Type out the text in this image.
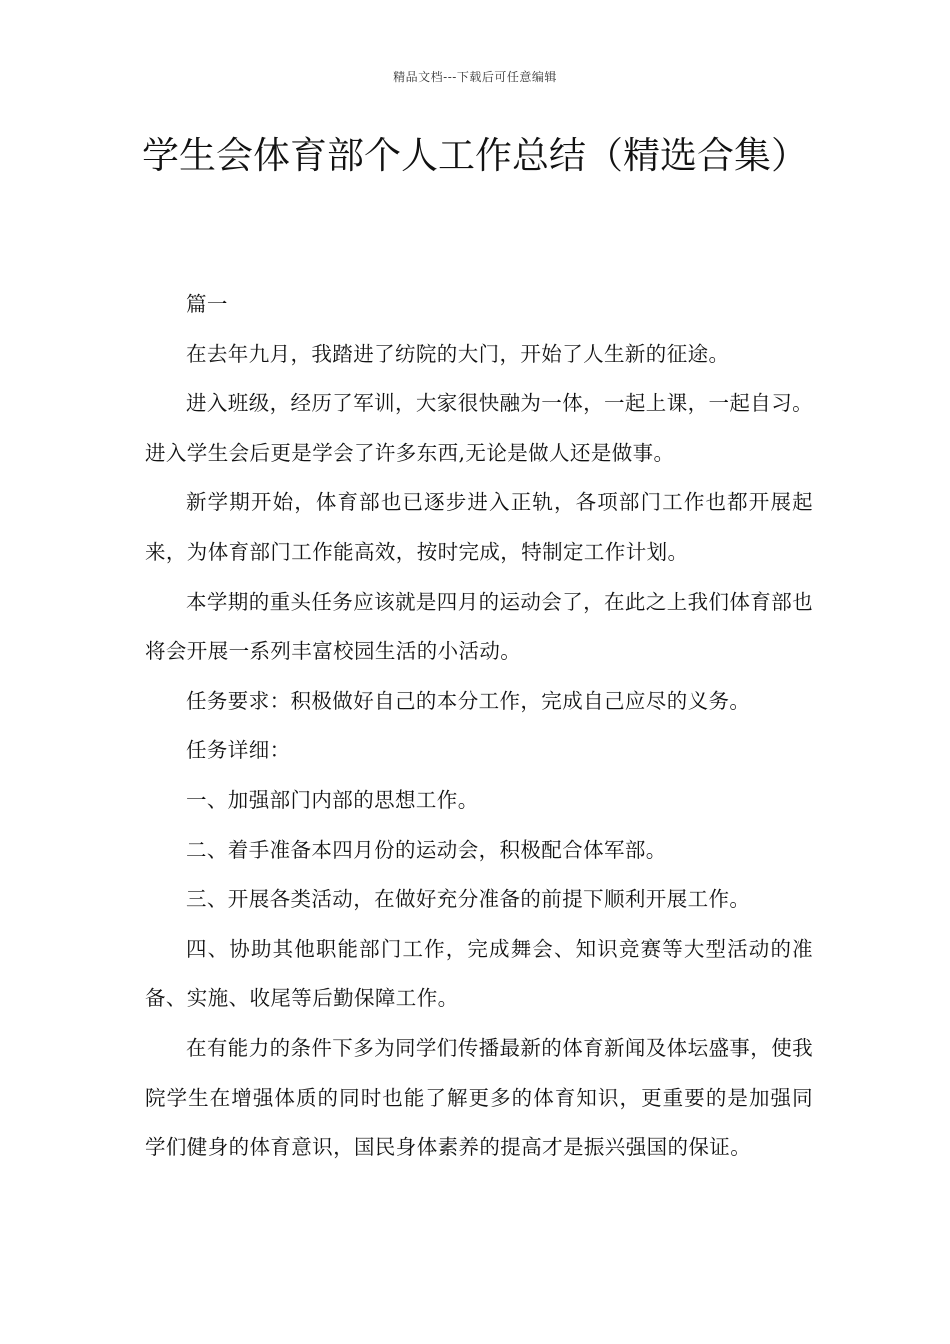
精品文档---下载后可任意编辑
学生会体育部个人工作总结（精选合集）

篇一

在去年九月，我踏进了纺院的大门，开始了人生新的征途。

进入班级，经历了军训，大家很快融为一体，一起上课，一起自习。进入学生会后更是学会了许多东西,无论是做人还是做事。

新学期开始，体育部也已逐步进入正轨，各项部门工作也都开展起来，为体育部门工作能高效，按时完成，特制定工作计划。

本学期的重头任务应该就是四月的运动会了，在此之上我们体育部也将会开展一系列丰富校园生活的小活动。

任务要求：积极做好自己的本分工作，完成自己应尽的义务。

任务详细：

一、加强部门内部的思想工作。

二、着手准备本四月份的运动会，积极配合体军部。

三、开展各类活动，在做好充分准备的前提下顺利开展工作。

四、协助其他职能部门工作，完成舞会、知识竞赛等大型活动的准备、实施、收尾等后勤保障工作。

在有能力的条件下多为同学们传播最新的体育新闻及体坛盛事，使我院学生在增强体质的同时也能了解更多的体育知识，更重要的是加强同学们健身的体育意识，国民身体素养的提高才是振兴强国的保证。
